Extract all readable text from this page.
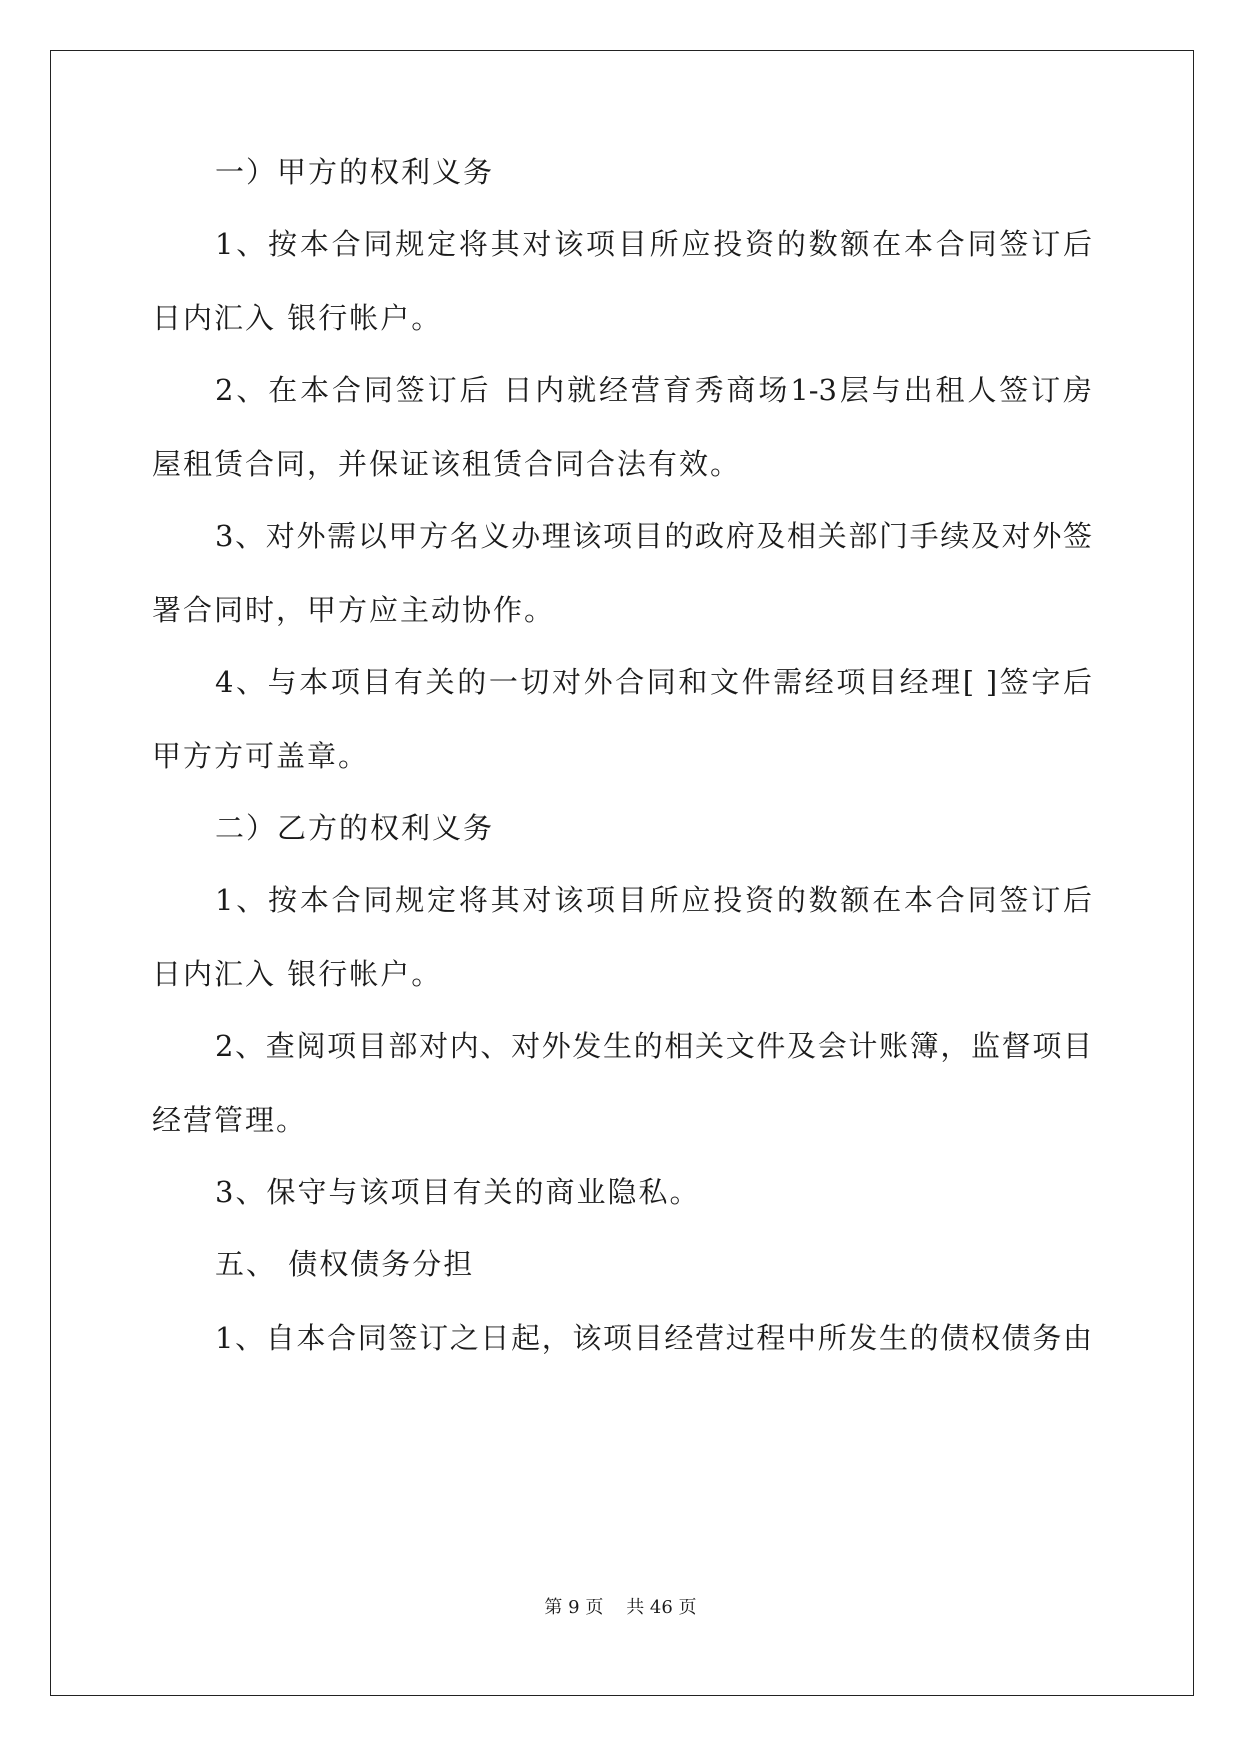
一）甲方的权利义务
1、按本合同规定将其对该项目所应投资的数额在本合同签订后
日内汇入 银行帐户。
2、在本合同签订后 日内就经营育秀商场1-3层与出租人签订房
屋租赁合同，并保证该租赁合同合法有效。
3、对外需以甲方名义办理该项目的政府及相关部门手续及对外签
署合同时，甲方应主动协作。
4、与本项目有关的一切对外合同和文件需经项目经理[ ]签字后
甲方方可盖章。
二）乙方的权利义务
1、按本合同规定将其对该项目所应投资的数额在本合同签订后
日内汇入 银行帐户。
2、查阅项目部对内、对外发生的相关文件及会计账簿，监督项目
经营管理。
3、保守与该项目有关的商业隐私。
五、 债权债务分担
1、自本合同签订之日起，该项目经营过程中所发生的债权债务由
第 9 页    共 46 页
